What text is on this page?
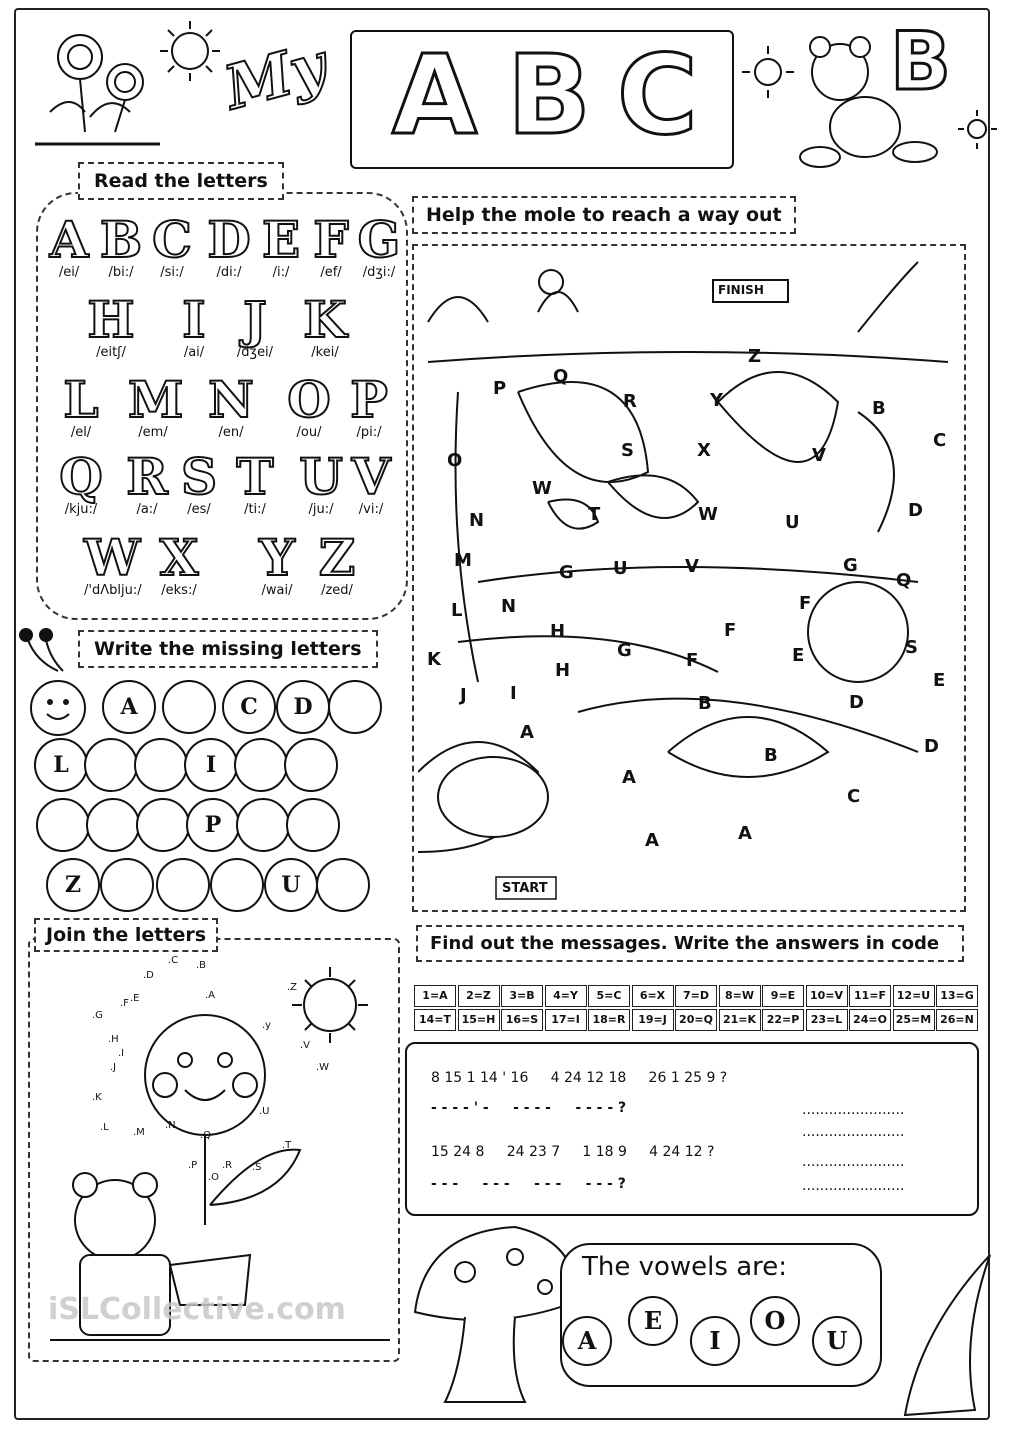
My A B C B
Read the letters
A
/ei/
B
/bi:/
C
/si:/
D
/di:/
E
/i:/
F
/ef/
G
/dʒi:/
H
/eitʃ/
I
/ai/
J
/dʒei/
K
/kei/
L
/el/
M
/em/
N
/en/
O
/ou/
P
/pi:/
Q
/kju:/
R
/a:/
S
/es/
T
/ti:/
U
/ju:/
V
/vi:/
W
/'dΛblju:/
X
/eks:/
Y
/wai/
Z
/zed/
Write the missing letters
A	C	D
L	I
P
Z	U
Join the letters
.C .B
.D
.A
.Z
.E
.F
.G
.y
.H
.V
.I
.J	.W
.K
.U
.L .M
.N
.Q
.T
.P .R .S
.O
Help the mole to reach a way out
FINISH
START
Z
P
Q
R	Y	B
O	S	X	C
V
W
T	W	U
D
N
M
G U	V	G
Q
L N	F
H	F
S
K	G	F	E
J I
H
B	D
E
A
B	D
A
C
A	A
Find out the messages. Write the answers in code
1=A	2=Z	3=B	4=Y	5=C	6=X	7=D	8=W	9=E	10=V 11=F 12=U 13=G
14=T 15=H 16=S	17=I	18=R	19=J	20=Q 21=K 22=P	23=L 24=O 25=M 26=N
8 15 1 14 ' 16     4 24 12 18     26 1 25 9 ?
- - - - ' -     - - - -     - - - - ?	.......................
.......................
15 24 8     24 23 7     1 18 9     4 24 12 ?
.......................
- - -     - - -     - - -     - - - ?	.......................
The vowels are:
A
E
I
O
U
iSLCollective.com
